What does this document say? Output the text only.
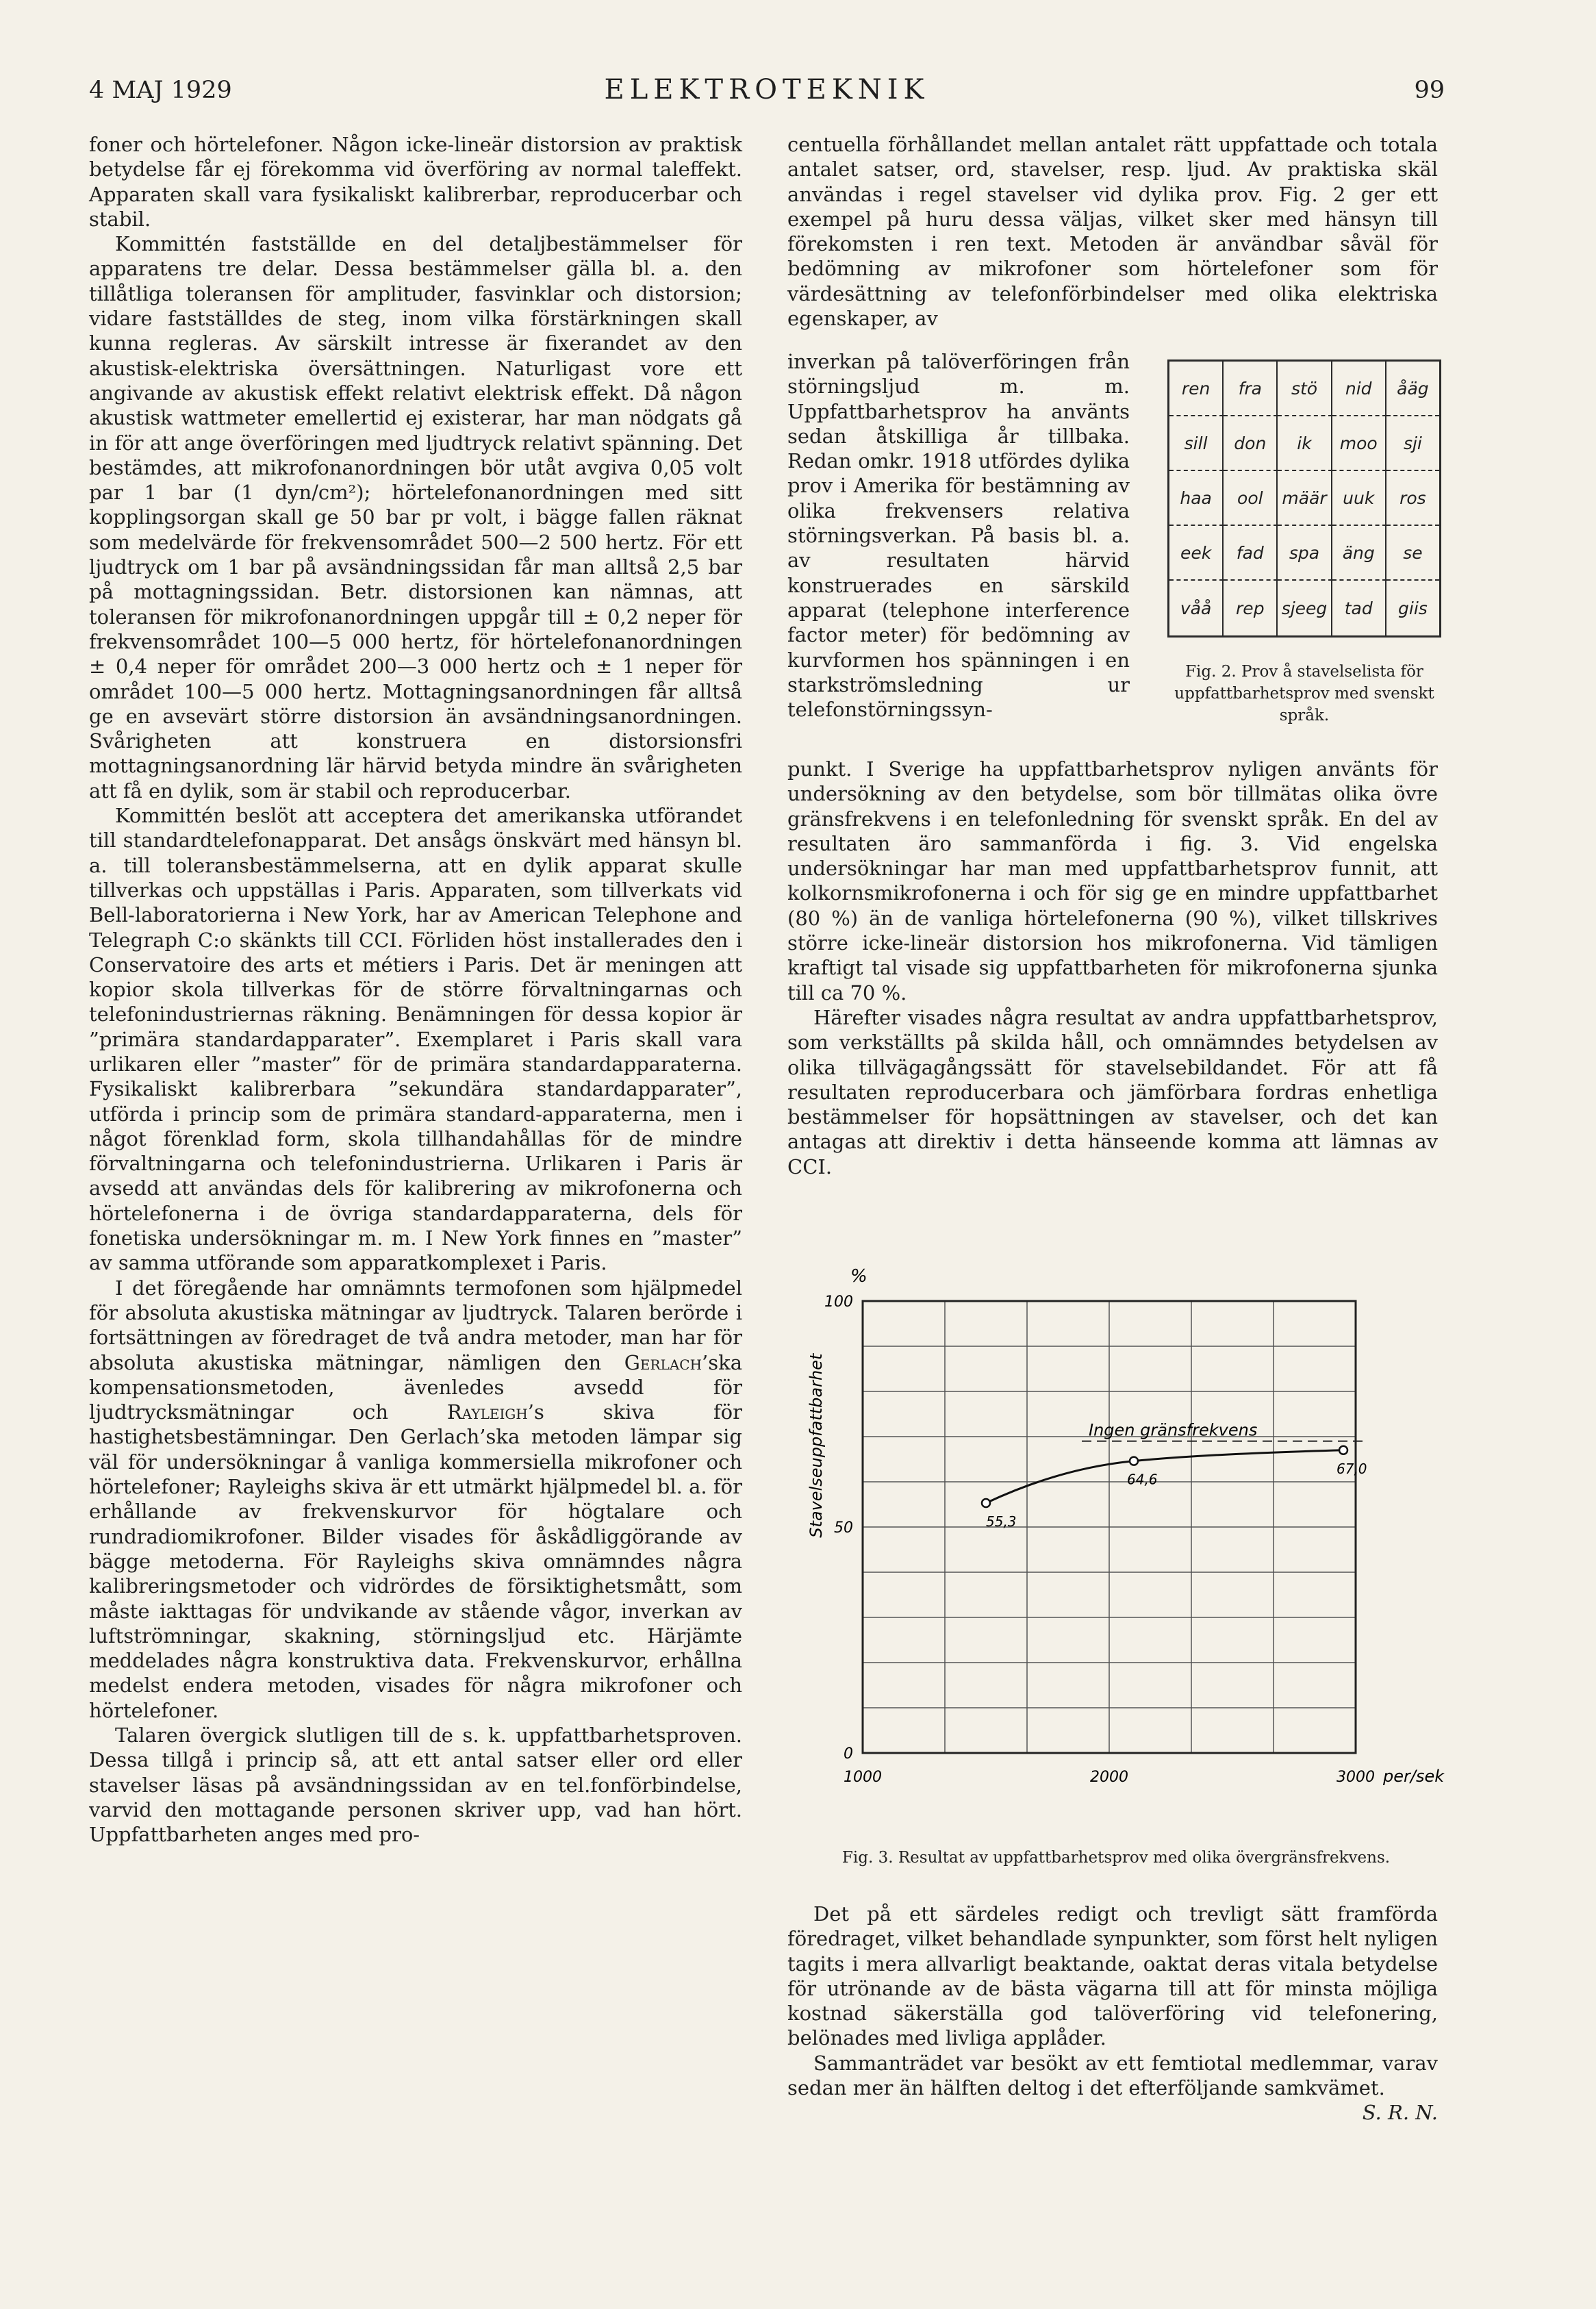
4 MAJ 1929	ELEKTROTEKNIK	99

foner och hörtelefoner. Någon icke-lineär distorsion av praktisk betydelse får ej förekomma vid överföring av normal taleffekt. Apparaten skall vara fysikaliskt kalibrerbar, reproducerbar och stabil.

Kommittén fastställde en del detaljbestämmelser för apparatens tre delar. Dessa bestämmelser gälla bl. a. den tillåtliga toleransen för amplituder, fasvinklar och distorsion; vidare fastställdes de steg, inom vilka förstärkningen skall kunna regleras. Av särskilt intresse är fixerandet av den akustisk-elektriska översättningen. Naturligast vore ett angivande av akustisk effekt relativt elektrisk effekt. Då någon akustisk wattmeter emellertid ej existerar, har man nödgats gå in för att ange överföringen med ljudtryck relativt spänning. Det bestämdes, att mikrofonanordningen bör utåt avgiva 0,05 volt par 1 bar (1 dyn/cm²); hörtelefonanordningen med sitt kopplingsorgan skall ge 50 bar pr volt, i bägge fallen räknat som medelvärde för frekvensområdet 500—2 500 hertz. För ett ljudtryck om 1 bar på avsändningssidan får man alltså 2,5 bar på mottagningssidan. Betr. distorsionen kan nämnas, att toleransen för mikrofonanordningen uppgår till ± 0,2 neper för frekvensområdet 100—5 000 hertz, för hörtelefonanordningen ± 0,4 neper för området 200—3 000 hertz och ± 1 neper för området 100—5 000 hertz. Mottagningsanordningen får alltså ge en avsevärt större distorsion än avsändningsanordningen. Svårigheten att konstruera en distorsionsfri mottagningsanordning lär härvid betyda mindre än svårigheten att få en dylik, som är stabil och reproducerbar.

Kommittén beslöt att acceptera det amerikanska utförandet till standardtelefonapparat. Det ansågs önskvärt med hänsyn bl. a. till toleransbestämmelserna, att en dylik apparat skulle tillverkas och uppställas i Paris. Apparaten, som tillverkats vid Bell-laboratorierna i New York, har av American Telephone and Telegraph C:o skänkts till CCI. Förliden höst installerades den i Conservatoire des arts et métiers i Paris. Det är meningen att kopior skola tillverkas för de större förvaltningarnas och telefonindustriernas räkning. Benämningen för dessa kopior är ”primära standardapparater”. Exemplaret i Paris skall vara urlikaren eller ”master” för de primära standardapparaterna. Fysikaliskt kalibrerbara ”sekundära standardapparater”, utförda i princip som de primära standard-apparaterna, men i något förenklad form, skola tillhandahållas för de mindre förvaltningarna och telefonindustrierna. Urlikaren i Paris är avsedd att användas dels för kalibrering av mikrofonerna och hörtelefonerna i de övriga standardapparaterna, dels för fonetiska undersökningar m. m. I New York finnes en ”master” av samma utförande som apparatkomplexet i Paris.

I det föregående har omnämnts termofonen som hjälpmedel för absoluta akustiska mätningar av ljudtryck. Talaren berörde i fortsättningen av föredraget de två andra metoder, man har för absoluta akustiska mätningar, nämligen den Gerlach’ska kompensationsmetoden, ävenledes avsedd för ljudtrycksmätningar och Rayleigh’s skiva för hastighetsbestämningar. Den Gerlach’ska metoden lämpar sig väl för undersökningar å vanliga kommersiella mikrofoner och hörtelefoner; Rayleighs skiva är ett utmärkt hjälpmedel bl. a. för erhållande av frekvenskurvor för högtalare och rundradiomikrofoner. Bilder visades för åskådliggörande av bägge metoderna. För Rayleighs skiva omnämndes några kalibreringsmetoder och vidrördes de försiktighetsmått, som måste iakttagas för undvikande av stående vågor, inverkan av luftströmningar, skakning, störningsljud etc. Härjämte meddelades några konstruktiva data. Frekvenskurvor, erhållna medelst endera metoden, visades för några mikrofoner och hörtelefoner.

Talaren övergick slutligen till de s. k. uppfattbarhetsproven. Dessa tillgå i princip så, att ett antal satser eller ord eller stavelser läsas på avsändningssidan av en tel.fonförbindelse, varvid den mottagande personen skriver upp, vad han hört. Uppfattbarheten anges med pro-

centuella förhållandet mellan antalet rätt uppfattade och totala antalet satser, ord, stavelser, resp. ljud. Av praktiska skäl användas i regel stavelser vid dylika prov. Fig. 2 ger ett exempel på huru dessa väljas, vilket sker med hänsyn till förekomsten i ren text. Metoden är användbar såväl för bedömning av mikrofoner som hörtelefoner som för värdesättning av telefonförbindelser med olika elektriska egenskaper, av

inverkan på talöverföringen från störningsljud m. m. Uppfattbarhetsprov ha använts sedan åtskilliga år tillbaka. Redan omkr. 1918 utfördes dylika prov i Amerika för bestämning av olika frekvensers relativa störningsverkan. På basis bl. a. av resultaten härvid konstruerades en särskild apparat (telephone interference factor meter) för bedömning av kurvformen hos spänningen i en starkströmsledning ur telefonstörningssyn-

ren	fra	stö	nid	åäg
sill	don	ik	moo	sji
haa	ool	määr uuk	ros
eek	fad	spa	äng	se
våå	rep	sjeeg	tad	giis
Fig. 2. Prov å stavelselista för uppfattbarhetsprov med svenskt språk.

punkt. I Sverige ha uppfattbarhetsprov nyligen använts för undersökning av den betydelse, som bör tillmätas olika övre gränsfrekvens i en telefonledning för svenskt språk. En del av resultaten äro sammanförda i fig. 3. Vid engelska undersökningar har man med uppfattbarhetsprov funnit, att kolkornsmikrofonerna i och för sig ge en mindre uppfattbarhet (80 %) än de vanliga hörtelefonerna (90 %), vilket tillskrives större icke-lineär distorsion hos mikrofonerna. Vid tämligen kraftigt tal visade sig uppfattbarheten för mikrofonerna sjunka till ca 70 %.

Härefter visades några resultat av andra uppfattbarhetsprov, som verkställts på skilda håll, och omnämndes betydelsen av olika tillvägagångssätt för stavelsebildandet. För att få resultaten reproducerbara och jämförbara fordras enhetliga bestämmelser för hopsättningen av stavelser, och det kan antagas att direktiv i detta hänseende komma att lämnas av CCI.

0
50
100
%
1000	2000	3000 per/sek
Stavelseuppfattbarhet	Ingen gränsfrekvens
55,3
64,6
67,0
Fig. 3. Resultat av uppfattbarhetsprov med olika övergränsfrekvens.

Det på ett särdeles redigt och trevligt sätt framförda föredraget, vilket behandlade synpunkter, som först helt nyligen tagits i mera allvarligt beaktande, oaktat deras vitala betydelse för utrönande av de bästa vägarna till att för minsta möjliga kostnad säkerställa god talöverföring vid telefonering, belönades med livliga applåder.

Sammanträdet var besökt av ett femtiotal medlemmar, varav sedan mer än hälften deltog i det efterföljande samkvämet.

S. R. N.
